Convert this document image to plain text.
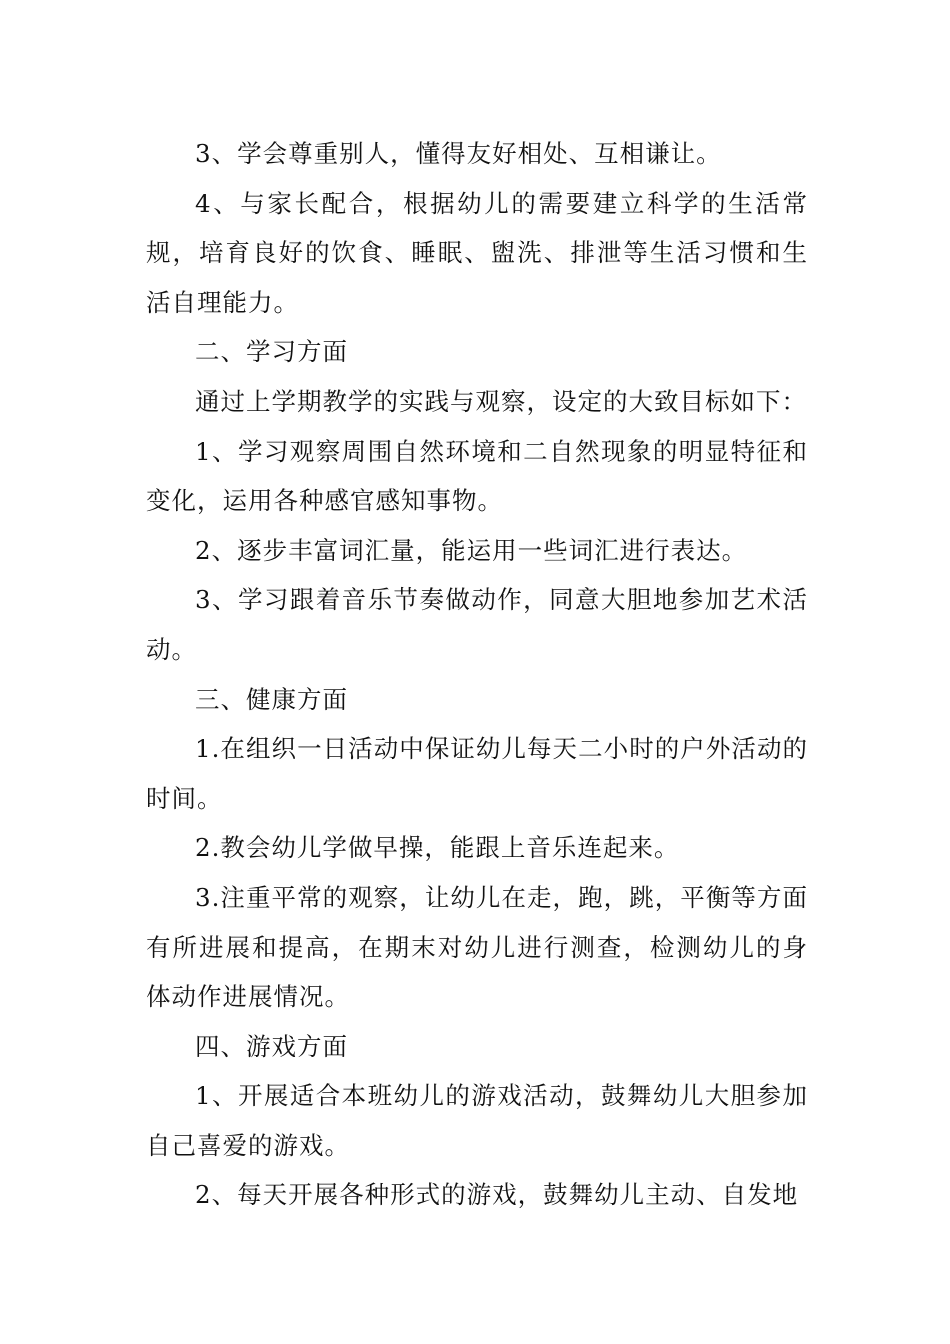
3、学会尊重别人，懂得友好相处、互相谦让。

4、与家长配合，根据幼儿的需要建立科学的生活常规，培育良好的饮食、睡眠、盥洗、排泄等生活习惯和生活自理能力。

二、学习方面

通过上学期教学的实践与观察，设定的大致目标如下：

1、学习观察周围自然环境和二自然现象的明显特征和变化，运用各种感官感知事物。

2、逐步丰富词汇量，能运用一些词汇进行表达。

3、学习跟着音乐节奏做动作，同意大胆地参加艺术活动。

三、健康方面

1.在组织一日活动中保证幼儿每天二小时的户外活动的时间。

2.教会幼儿学做早操，能跟上音乐连起来。

3.注重平常的观察，让幼儿在走，跑，跳，平衡等方面有所进展和提高，在期末对幼儿进行测查，检测幼儿的身体动作进展情况。

四、游戏方面

1、开展适合本班幼儿的游戏活动，鼓舞幼儿大胆参加自己喜爱的游戏。

2、每天开展各种形式的游戏，鼓舞幼儿主动、自发地
